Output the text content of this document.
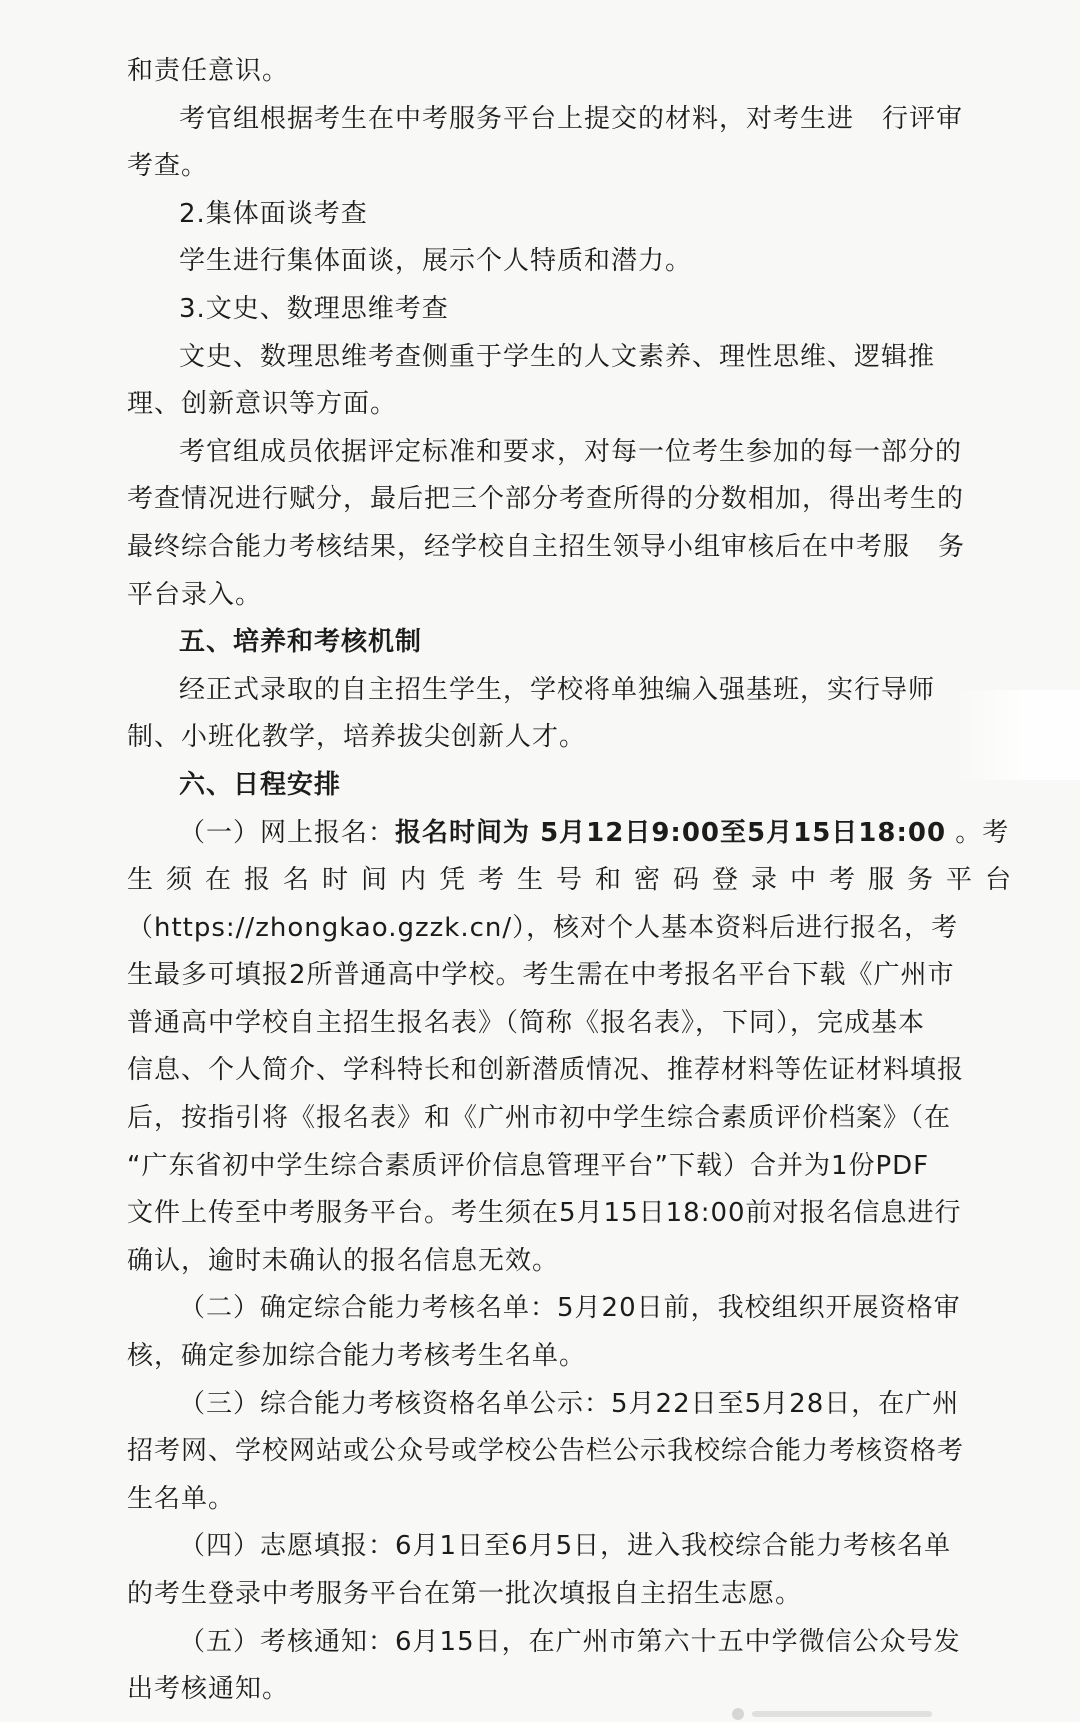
和责任意识。
考官组根据考生在中考服务平台上提交的材料，对考生进 行评审
考查。
2.集体面谈考查
学生进行集体面谈，展示个人特质和潜力。
3.文史、数理思维考查
文史、数理思维考查侧重于学生的人文素养、理性思维、逻辑推
理、创新意识等方面。
考官组成员依据评定标准和要求，对每一位考生参加的每一部分的
考查情况进行赋分，最后把三个部分考查所得的分数相加，得出考生的
最终综合能力考核结果，经学校自主招生领导小组审核后在中考服 务
平台录入。
五、培养和考核机制
经正式录取的自主招生学生，学校将单独编入强基班，实行导师
制、小班化教学，培养拔尖创新人才。
六、日程安排
（一）网上报名：报名时间为 5月12日9:00至5月15日18:00 。考
生须在报名时间内凭考生号和密码登录中考服务平台
（https://zhongkao.gzzk.cn/），核对个人基本资料后进行报名，考
生最多可填报2所普通高中学校。考生需在中考报名平台下载《广州市
普通高中学校自主招生报名表》（简称《报名表》，下同），完成基本
信息、个人简介、学科特长和创新潜质情况、推荐材料等佐证材料填报
后，按指引将《报名表》和《广州市初中学生综合素质评价档案》（在
“广东省初中学生综合素质评价信息管理平台”下载）合并为1份PDF
文件上传至中考服务平台。考生须在5月15日18:00前对报名信息进行
确认，逾时未确认的报名信息无效。
（二）确定综合能力考核名单：5月20日前，我校组织开展资格审
核，确定参加综合能力考核考生名单。
（三）综合能力考核资格名单公示：5月22日至5月28日，在广州
招考网、学校网站或公众号或学校公告栏公示我校综合能力考核资格考
生名单。
（四）志愿填报：6月1日至6月5日，进入我校综合能力考核名单
的考生登录中考服务平台在第一批次填报自主招生志愿。
（五）考核通知：6月15日，在广州市第六十五中学微信公众号发
出考核通知。
